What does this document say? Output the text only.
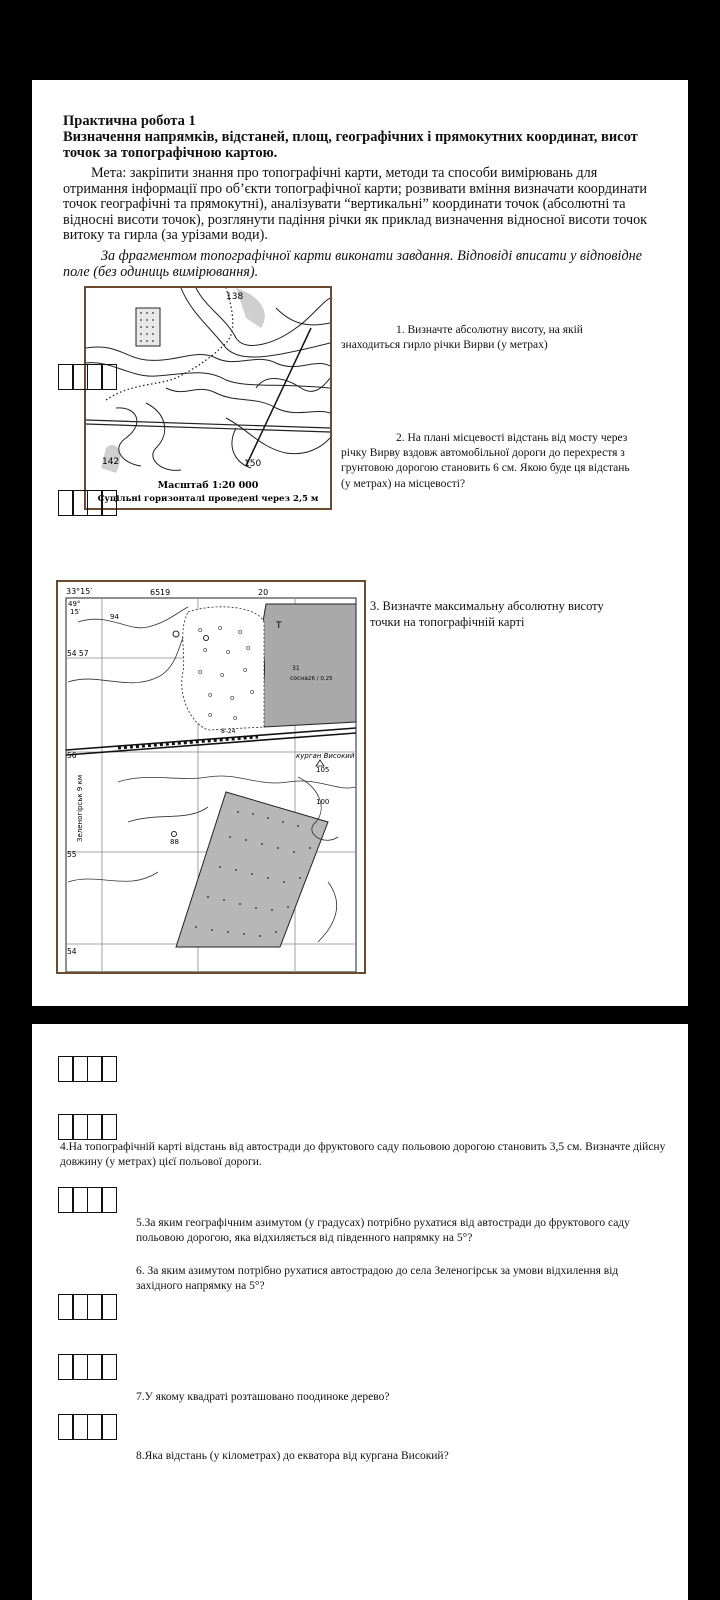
Практична робота 1
Визначення напрямків, відстаней, площ, географічних і прямокутних координат, висот точок за топографічною картою.
Мета: закріпити знання про топографічні карти, методи та способи вимірювань для отримання інформації про об’єкти топографічної карти; розвивати вміння визначати координати точок географічні та прямокутні), аналізувати “вертикальні” координати точок (абсолютні та відносні висоти точок), розглянути падіння річки як приклад визначення відносної висоти точок витоку та гирла (за урізами води).
За фрагментом топографічної карти виконати завдання. Відповіді вписати у відповідне поле (без одиниць вимірювання).
138
142	150
Масштаб 1:20 000
Суцільні горизонталі проведені через 2,5 м
1. Визначте абсолютну висоту, на якій знаходиться гирло річки Вирви (у метрах)
2. На плані місцевості відстань від мосту через річку Вирву вздовж автомобільної дороги до перехрестя з грунтовою дорогою становить 6 см. Якою буде ця відстань (у метрах) на місцевості?
o o o
o	o o
o	o
o
o	o
o
o	o
T
33°15′
49°
15′
65 19	20
54 57
56
55
54
94
88
105
100
курган Високий
8–24
сосна 26 / 0,25
31
Зеленогірськ 9 км
3. Визначте максимальну абсолютну висоту точки на топографічній карті
4.На топографічній карті відстань від автостради до фруктового саду польовою дорогою становить 3,5 см. Визначте дійсну довжину (у метрах) цієї польової дороги.
5.За яким географічним азимутом (у градусах) потрібно рухатися від автостради до фруктового саду польовою дорогою, яка відхиляється від південного напрямку на 5°?
6. За яким азимутом потрібно рухатися автострадою до села Зеленогірськ за умови відхилення від західного напрямку на 5°?
7.У якому квадраті розташовано поодиноке дерево?
8.Яка відстань (у кілометрах) до екватора від кургана Високий?
